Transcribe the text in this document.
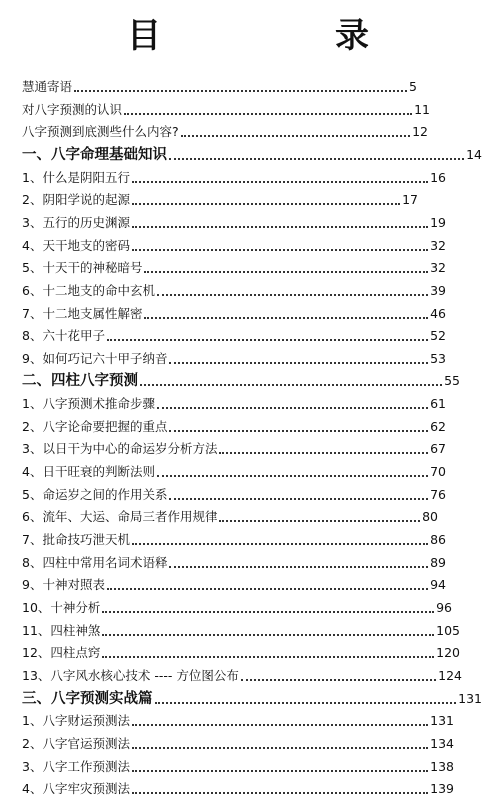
目　录
慧通寄语	5
对八字预测的认识	11
八字预测到底测些什么内容?	12
一、八字命理基础知识	14
1、什么是阴阳五行	16
2、阴阳学说的起源	17
3、五行的历史渊源	19
4、天干地支的密码	32
5、十天干的神秘暗号	32
6、十二地支的命中玄机	39
7、十二地支属性解密	46
8、六十花甲子	52
9、如何巧记六十甲子纳音	53
二、四柱八字预测	55
1、八字预测术推命步骤	61
2、八字论命要把握的重点	62
3、以日干为中心的命运岁分析方法	67
4、日干旺衰的判断法则	70
5、命运岁之间的作用关系	76
6、流年、大运、命局三者作用规律	80
7、批命技巧泄天机	86
8、四柱中常用名词术语释	89
9、十神对照表	94
10、十神分析	96
11、四柱神煞	105
12、四柱点窍	120
13、八字风水核心技术 ---- 方位图公布	124
三、八字预测实战篇	131
1、八字财运预测法	131
2、八字官运预测法	134
3、八字工作预测法	138
4、八字牢灾预测法	139
